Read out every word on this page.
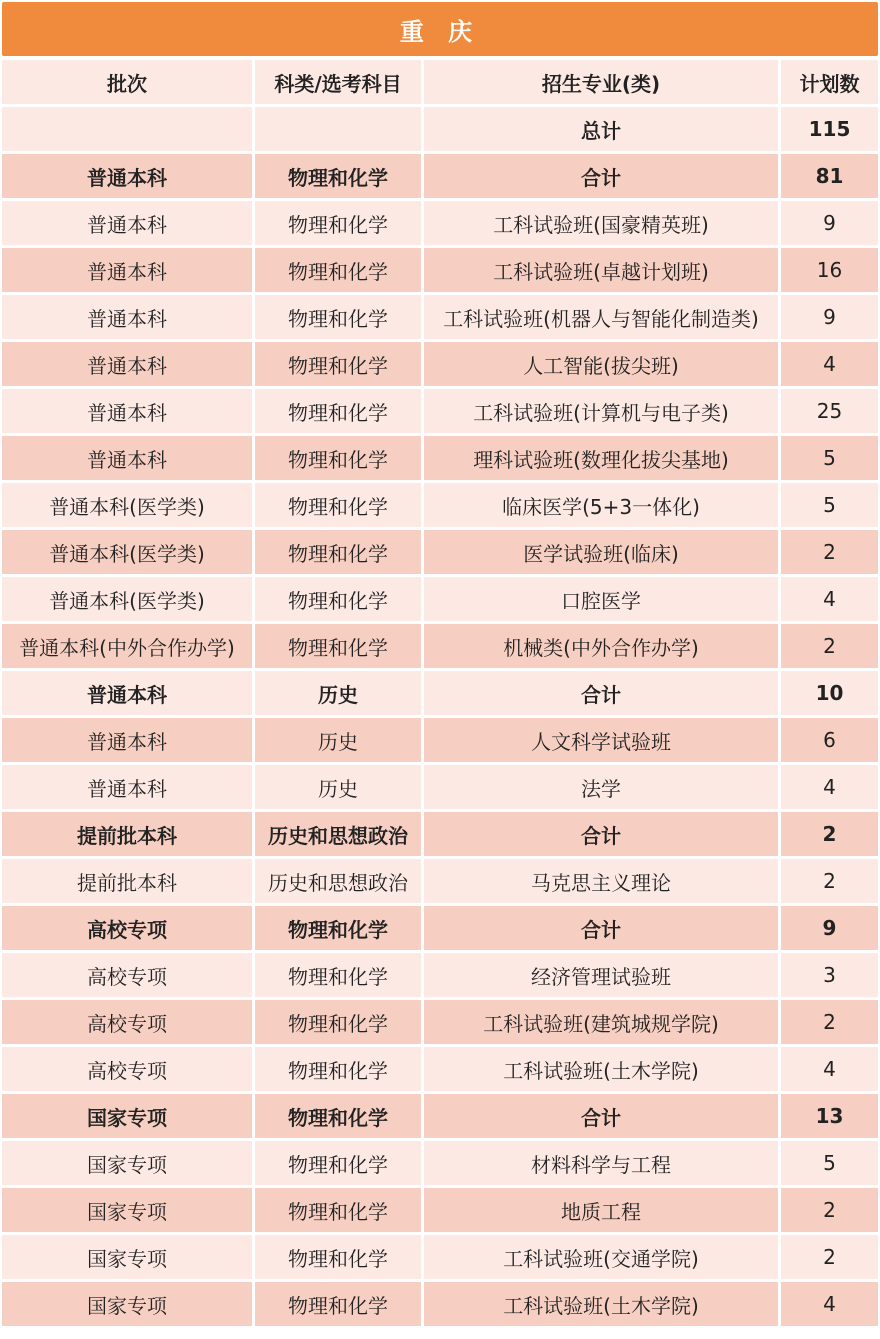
重 庆
批次	科类/选考科目	招生专业(类)	计划数
		总计	115
普通本科	物理和化学	合计	81
普通本科	物理和化学	工科试验班(国豪精英班)	9
普通本科	物理和化学	工科试验班(卓越计划班)	16
普通本科	物理和化学	工科试验班(机器人与智能化制造类)	9
普通本科	物理和化学	人工智能(拔尖班)	4
普通本科	物理和化学	工科试验班(计算机与电子类)	25
普通本科	物理和化学	理科试验班(数理化拔尖基地)	5
普通本科(医学类)	物理和化学	临床医学(5+3一体化)	5
普通本科(医学类)	物理和化学	医学试验班(临床)	2
普通本科(医学类)	物理和化学	口腔医学	4
普通本科(中外合作办学)	物理和化学	机械类(中外合作办学)	2
普通本科	历史	合计	10
普通本科	历史	人文科学试验班	6
普通本科	历史	法学	4
提前批本科	历史和思想政治	合计	2
提前批本科	历史和思想政治	马克思主义理论	2
高校专项	物理和化学	合计	9
高校专项	物理和化学	经济管理试验班	3
高校专项	物理和化学	工科试验班(建筑城规学院)	2
高校专项	物理和化学	工科试验班(土木学院)	4
国家专项	物理和化学	合计	13
国家专项	物理和化学	材料科学与工程	5
国家专项	物理和化学	地质工程	2
国家专项	物理和化学	工科试验班(交通学院)	2
国家专项	物理和化学	工科试验班(土木学院)	4
